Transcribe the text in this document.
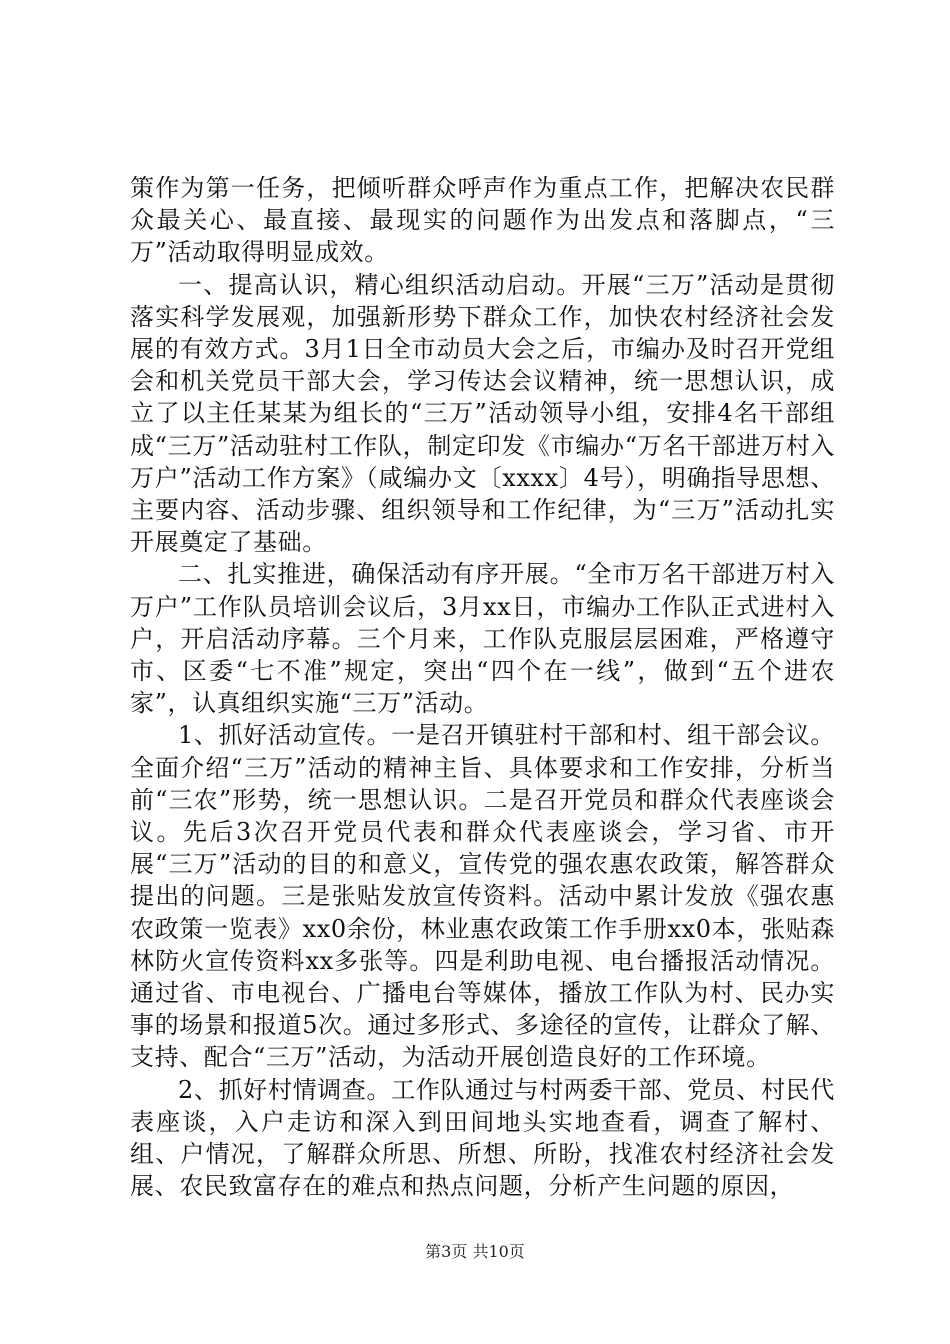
策作为第一任务，把倾听群众呼声作为重点工作，把解决农民群众最关心、最直接、最现实的问题作为出发点和落脚点，“三万”活动取得明显成效。

一、提高认识，精心组织活动启动。开展“三万”活动是贯彻落实科学发展观，加强新形势下群众工作，加快农村经济社会发展的有效方式。3月1日全市动员大会之后，市编办及时召开党组会和机关党员干部大会，学习传达会议精神，统一思想认识，成立了以主任某某为组长的“三万”活动领导小组，安排4名干部组成“三万”活动驻村工作队，制定印发《市编办“万名干部进万村入万户”活动工作方案》（咸编办文〔xxxx〕4号），明确指导思想、主要内容、活动步骤、组织领导和工作纪律，为“三万”活动扎实开展奠定了基础。

二、扎实推进，确保活动有序开展。“全市万名干部进万村入万户”工作队员培训会议后，3月xx日，市编办工作队正式进村入户，开启活动序幕。三个月来，工作队克服层层困难，严格遵守市、区委“七不准”规定，突出“四个在一线”，做到“五个进农家”，认真组织实施“三万”活动。

1、抓好活动宣传。一是召开镇驻村干部和村、组干部会议。全面介绍“三万”活动的精神主旨、具体要求和工作安排，分析当前“三农”形势，统一思想认识。二是召开党员和群众代表座谈会议。先后3次召开党员代表和群众代表座谈会，学习省、市开展“三万”活动的目的和意义，宣传党的强农惠农政策，解答群众提出的问题。三是张贴发放宣传资料。活动中累计发放《强农惠农政策一览表》xx0余份，林业惠农政策工作手册xx0本，张贴森林防火宣传资料xx多张等。四是利助电视、电台播报活动情况。通过省、市电视台、广播电台等媒体，播放工作队为村、民办实事的场景和报道5次。通过多形式、多途径的宣传，让群众了解、支持、配合“三万”活动，为活动开展创造良好的工作环境。

2、抓好村情调查。工作队通过与村两委干部、党员、村民代表座谈，入户走访和深入到田间地头实地查看，调查了解村、组、户情况，了解群众所思、所想、所盼，找准农村经济社会发展、农民致富存在的难点和热点问题，分析产生问题的原因，

第3页 共10页
